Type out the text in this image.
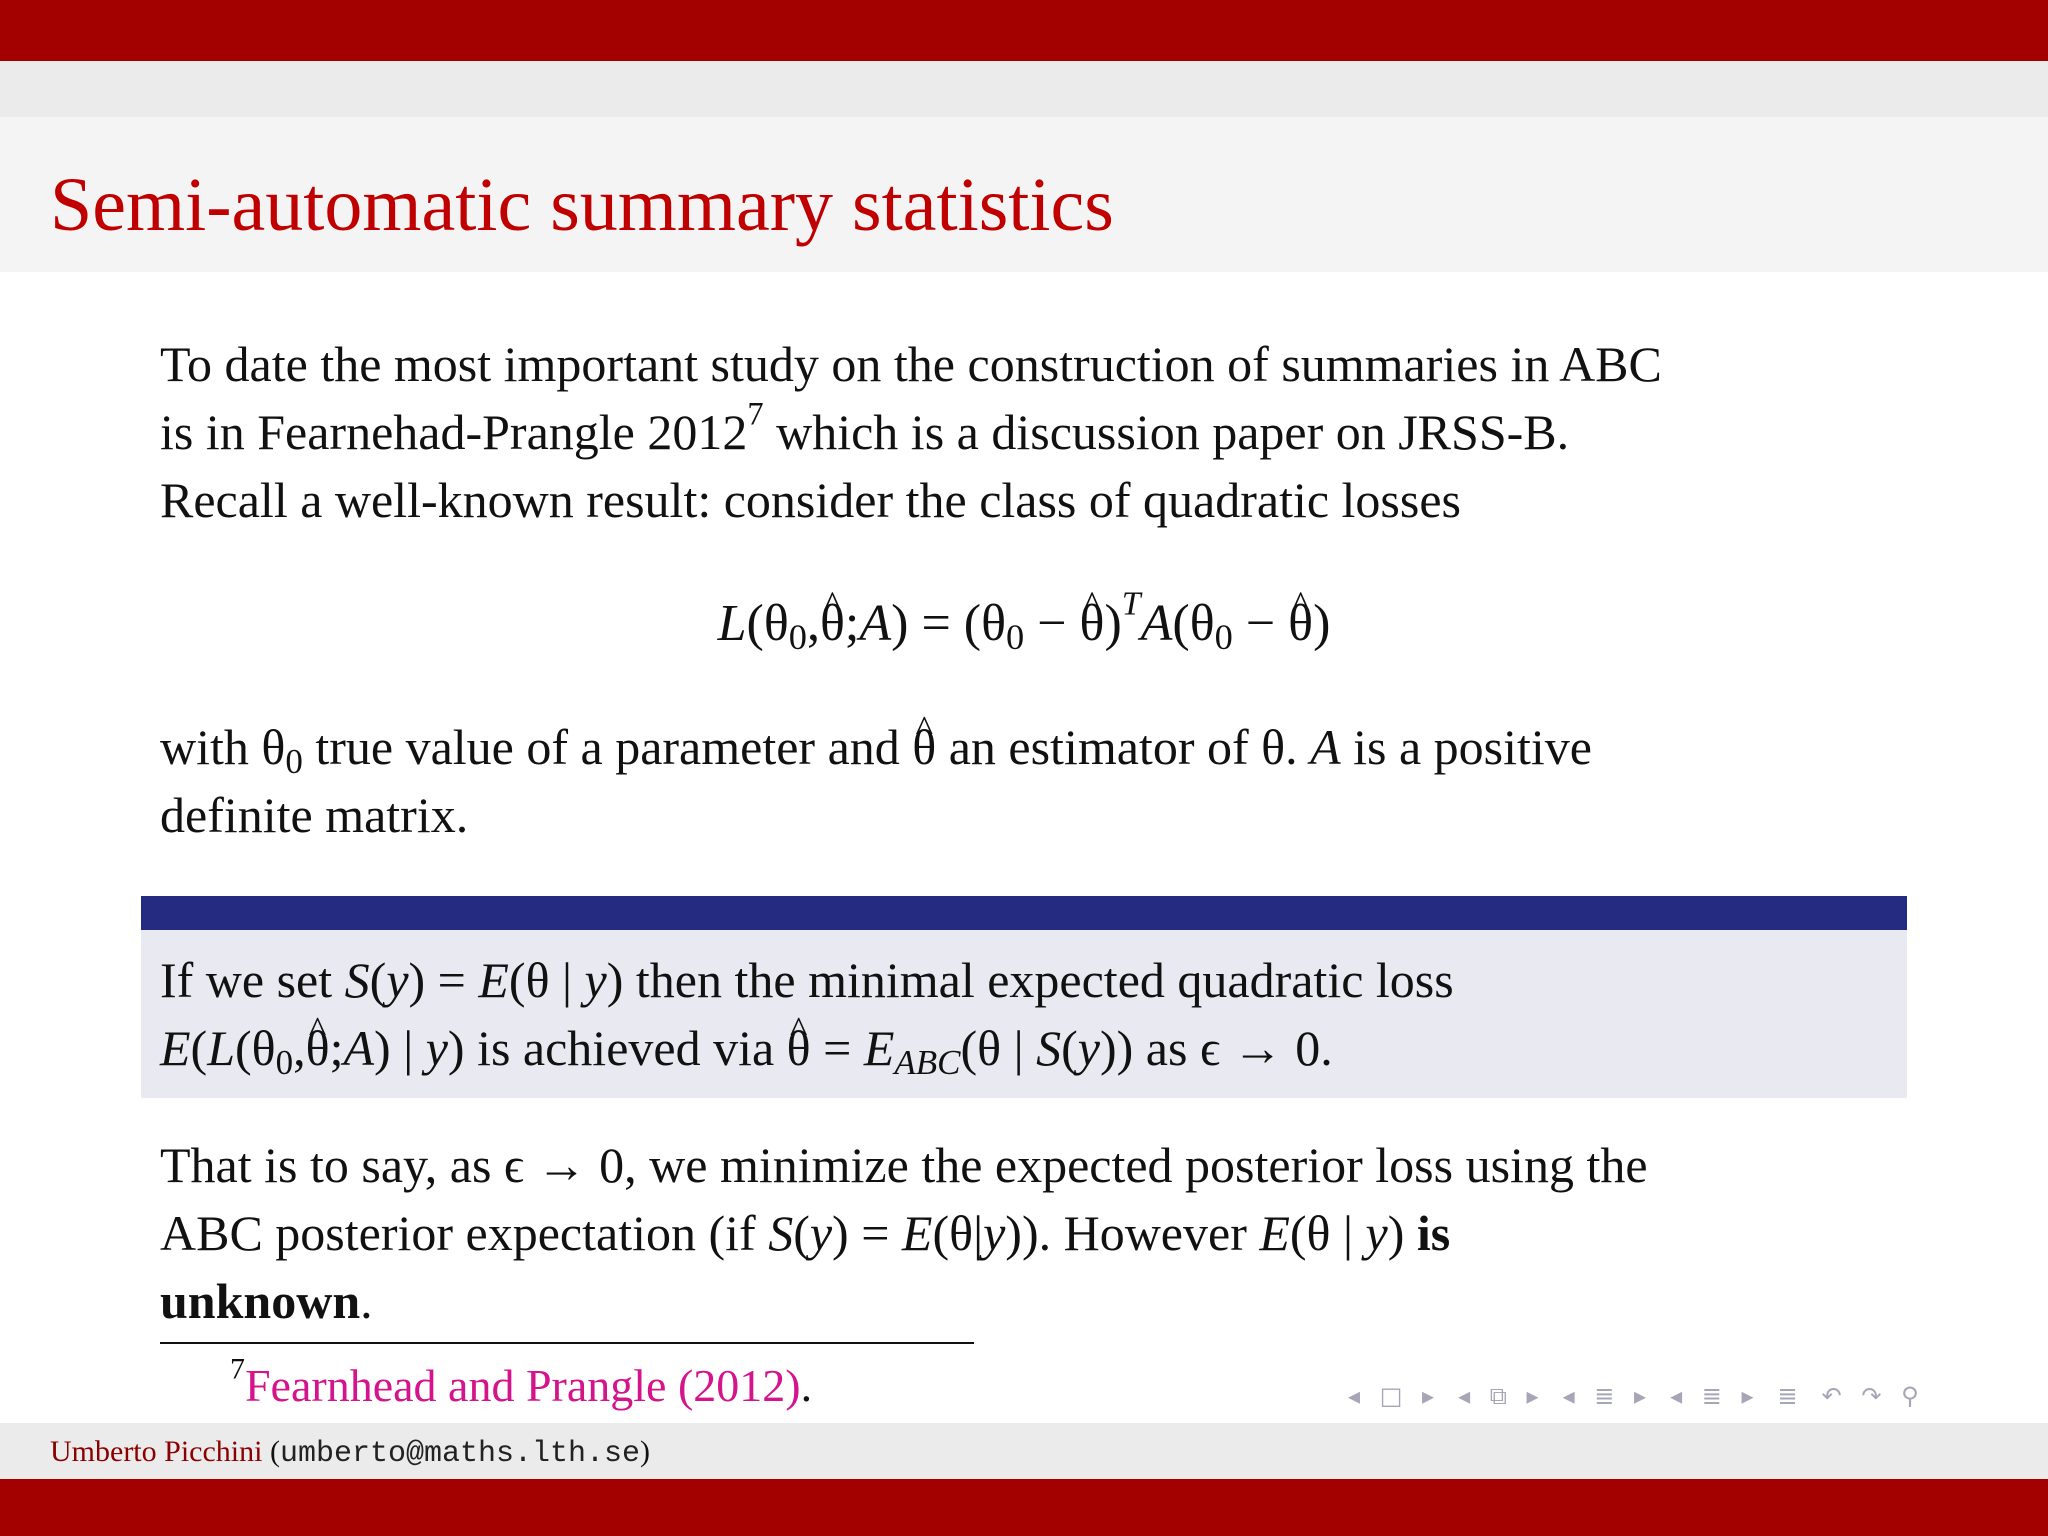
Semi-automatic summary statistics
To date the most important study on the construction of summaries in ABC
is in Fearnehad-Prangle 2012$^7$ which is a discussion paper on JRSS-B.
Recall a well-known result: consider the class of quadratic losses
$L(\theta_0,\theta$ ^;A) = ($\theta_0 - \theta$ $\^{})^TA(\theta_0 - \theta$ ^)
with $\theta_0$ true value of a parameter and θ ^ an estimator of θ. A is a positive
definite matrix.
If we set S(y) = E(θ | y) then the minimal expected quadratic loss
$E(L(\theta_0,\theta$ ^;A) | y) is achieved via θ ^ = $E_{ABC}(\theta$ | S(y)) as ϵ → 0.
That is to say, as ϵ → 0, we minimize the expected posterior loss using the
ABC posterior expectation (if S(y) = E(θ|y)). However E(θ | y) is
unknown.
$^7$Fearnhead and Prangle (2012).	◂ □ ▸ ◂ ⧉ ▸ ◂ ≣ ▸ ◂ ≣ ▸ ≣ ↶ ↷ ⚲
Umberto Picchini (umberto@maths.lth.se)
